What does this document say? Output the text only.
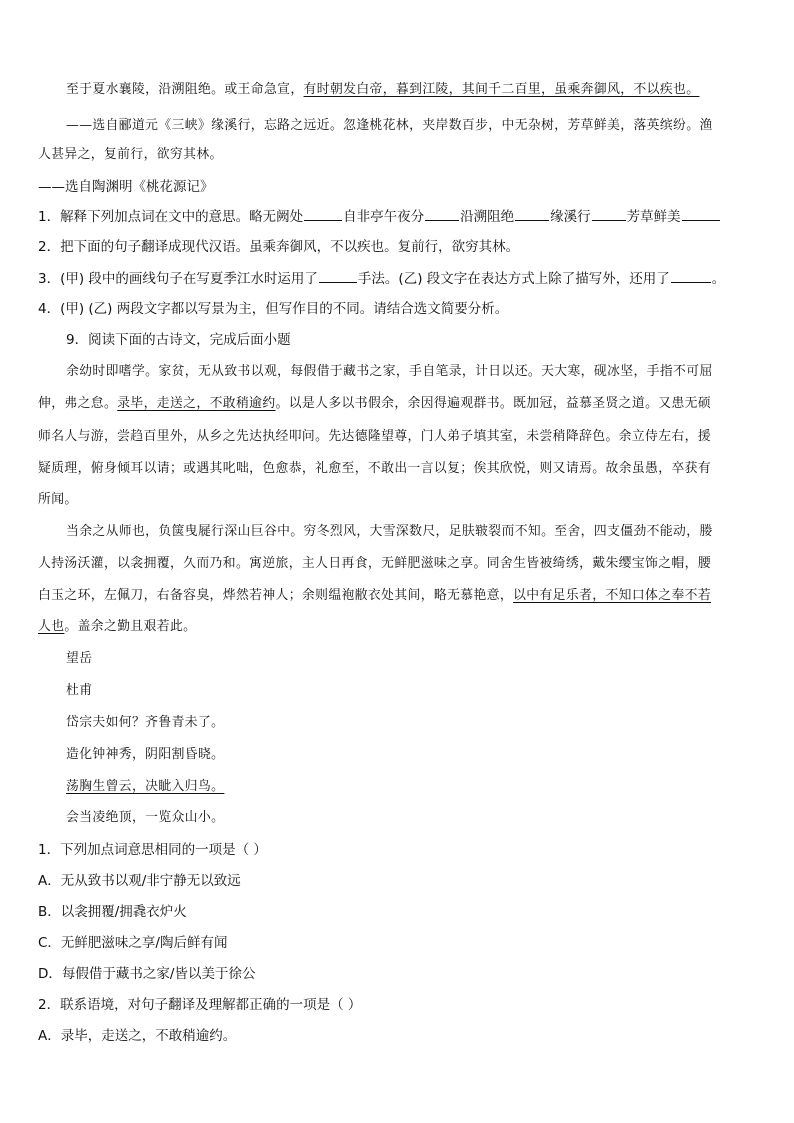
至于夏水襄陵，沿溯阻绝。或王命急宣，有时朝发白帝，暮到江陵，其间千二百里，虽乘奔御风，不以疾也。
——选自郦道元《三峡》缘溪行，忘路之远近。忽逢桃花林，夹岸数百步，中无杂树，芳草鲜美，落英缤纷。渔
人甚异之，复前行，欲穷其林。
——选自陶渊明《桃花源记》
1．解释下列加点词在文中的意思。略无阙处	自非亭午夜分	沿溯阻绝	缘溪行	芳草鲜美
2．把下面的句子翻译成现代汉语。虽乘奔御风，不以疾也。复前行，欲穷其林。
3．(甲) 段中的画线句子在写夏季江水时运用了	手法。(乙) 段文字在表达方式上除了描写外，还用了	。
4．(甲) (乙) 两段文字都以写景为主，但写作目的不同。请结合选文简要分析。
9．阅读下面的古诗文，完成后面小题
余幼时即嗜学。家贫，无从致书以观，每假借于藏书之家，手自笔录，计日以还。天大寒，砚冰坚，手指不可屈
伸，弗之怠。录毕，走送之，不敢稍逾约。以是人多以书假余，余因得遍观群书。既加冠，益慕圣贤之道。又患无硕
师名人与游，尝趋百里外，从乡之先达执经叩问。先达德隆望尊，门人弟子填其室，未尝稍降辞色。余立侍左右，援
疑质理，俯身倾耳以请；或遇其叱咄，色愈恭，礼愈至，不敢出一言以复；俟其欣悦，则又请焉。故余虽愚，卒获有
所闻。
当余之从师也，负箧曳屣行深山巨谷中。穷冬烈风，大雪深数尺，足肤皲裂而不知。至舍，四支僵劲不能动，媵
人持汤沃灌，以衾拥覆，久而乃和。寓逆旅，主人日再食，无鲜肥滋味之享。同舍生皆被绮绣，戴朱缨宝饰之帽，腰
白玉之环，左佩刀，右备容臭，烨然若神人；余则缊袍敝衣处其间，略无慕艳意，以中有足乐者，不知口体之奉不若
人也。盖余之勤且艰若此。
望岳
杜甫
岱宗夫如何？齐鲁青未了。
造化钟神秀，阴阳割昏晓。
荡胸生曾云，决眦入归鸟。
会当凌绝顶，一览众山小。
1．下列加点词意思相同的一项是（ ）
A．无从致书以观/非宁静无以致远
B．以衾拥覆/拥毳衣炉火
C．无鲜肥滋味之享/陶后鲜有闻
D．每假借于藏书之家/皆以美于徐公
2．联系语境，对句子翻译及理解都正确的一项是（ ）
A．录毕，走送之，不敢稍逾约。
